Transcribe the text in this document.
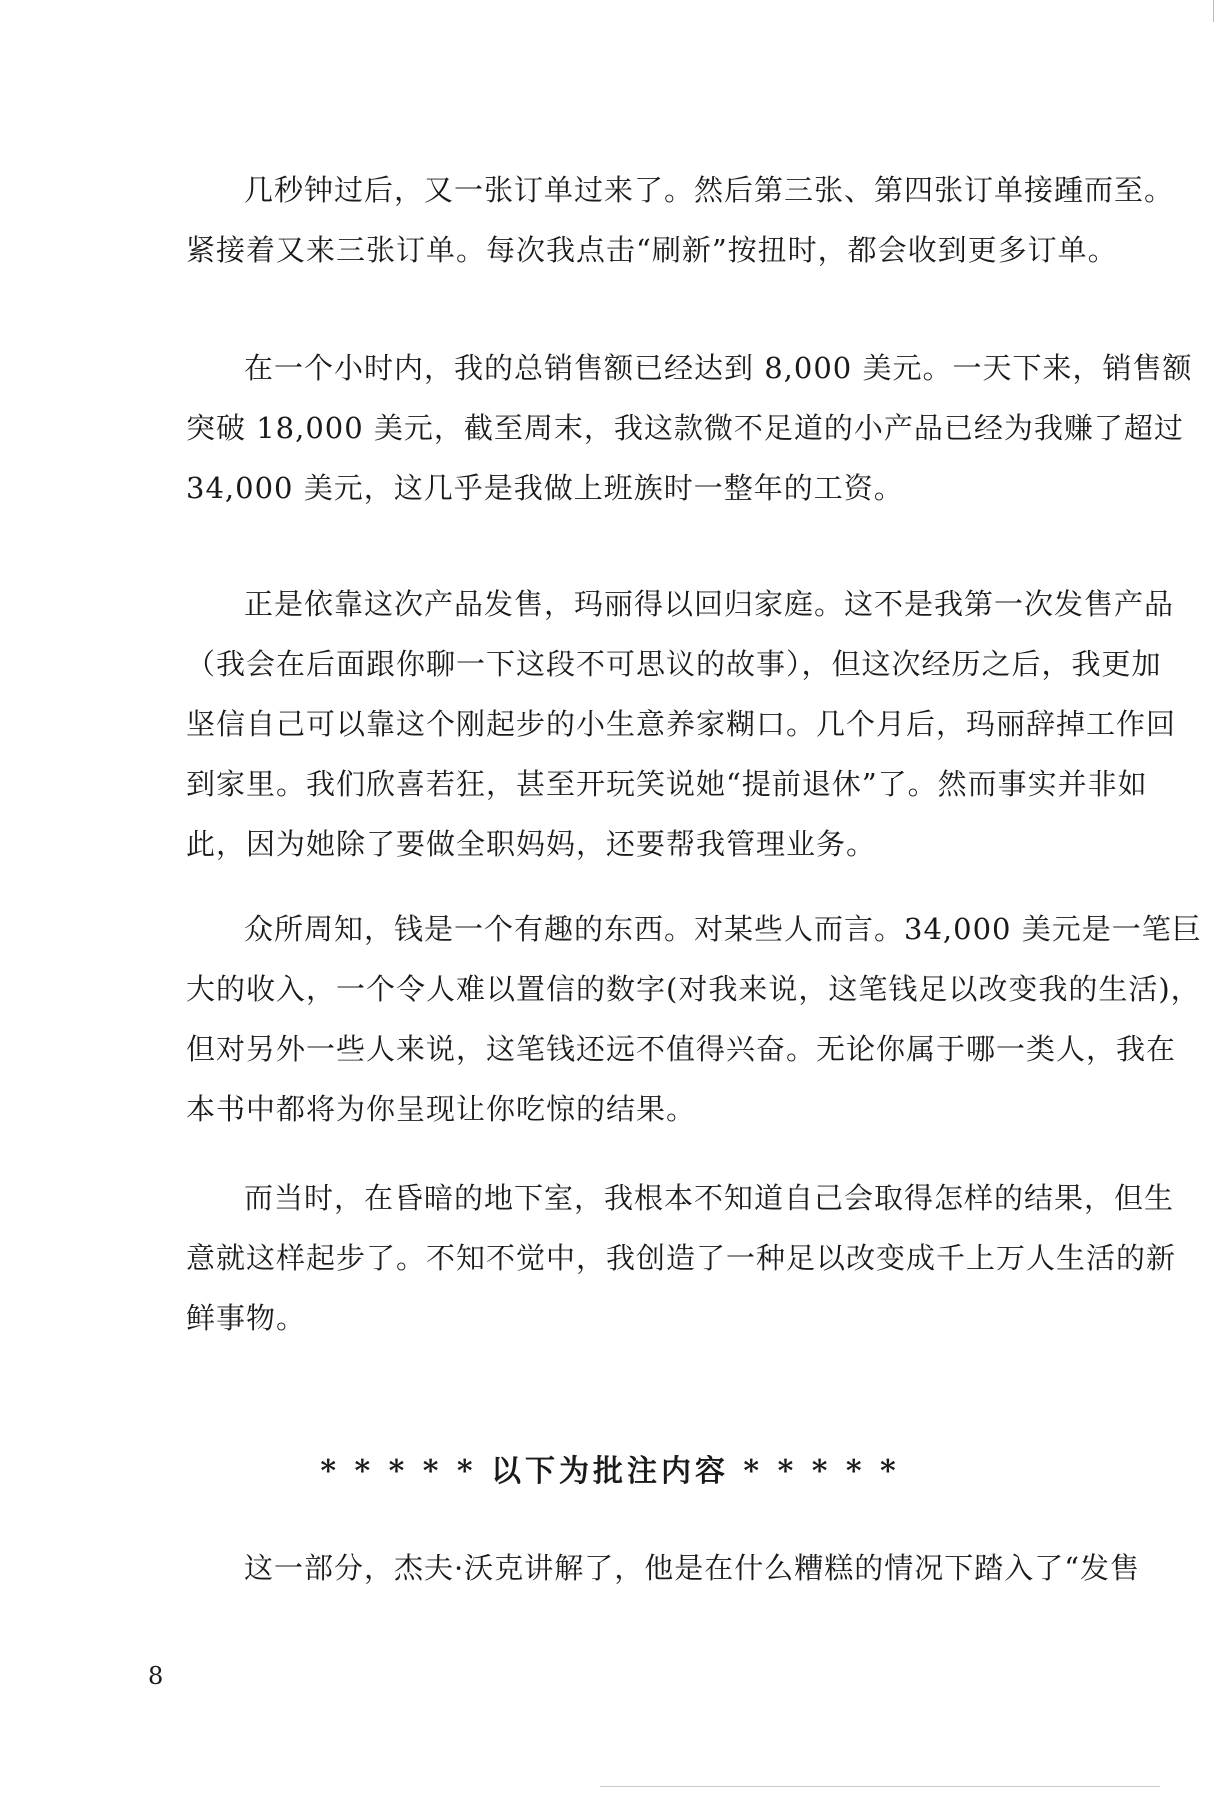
几秒钟过后，又一张订单过来了。然后第三张、第四张订单接踵而至。
紧接着又来三张订单。每次我点击“刷新”按扭时，都会收到更多订单。
在一个小时内，我的总销售额已经达到 8,000 美元。一天下来，销售额
突破 18,000 美元，截至周末，我这款微不足道的小产品已经为我赚了超过
34,000 美元，这几乎是我做上班族时一整年的工资。
正是依靠这次产品发售，玛丽得以回归家庭。这不是我第一次发售产品
（我会在后面跟你聊一下这段不可思议的故事），但这次经历之后，我更加
坚信自己可以靠这个刚起步的小生意养家糊口。几个月后，玛丽辞掉工作回
到家里。我们欣喜若狂，甚至开玩笑说她“提前退休”了。然而事实并非如
此，因为她除了要做全职妈妈，还要帮我管理业务。
众所周知，钱是一个有趣的东西。对某些人而言。34,000 美元是一笔巨
大的收入，一个令人难以置信的数字(对我来说，这笔钱足以改变我的生活)，
但对另外一些人来说，这笔钱还远不值得兴奋。无论你属于哪一类人，我在
本书中都将为你呈现让你吃惊的结果。
而当时，在昏暗的地下室，我根本不知道自己会取得怎样的结果，但生
意就这样起步了。不知不觉中，我创造了一种足以改变成千上万人生活的新
鲜事物。
* * * * * 以下为批注内容 * * * * *
这一部分，杰夫·沃克讲解了，他是在什么糟糕的情况下踏入了“发售
8
